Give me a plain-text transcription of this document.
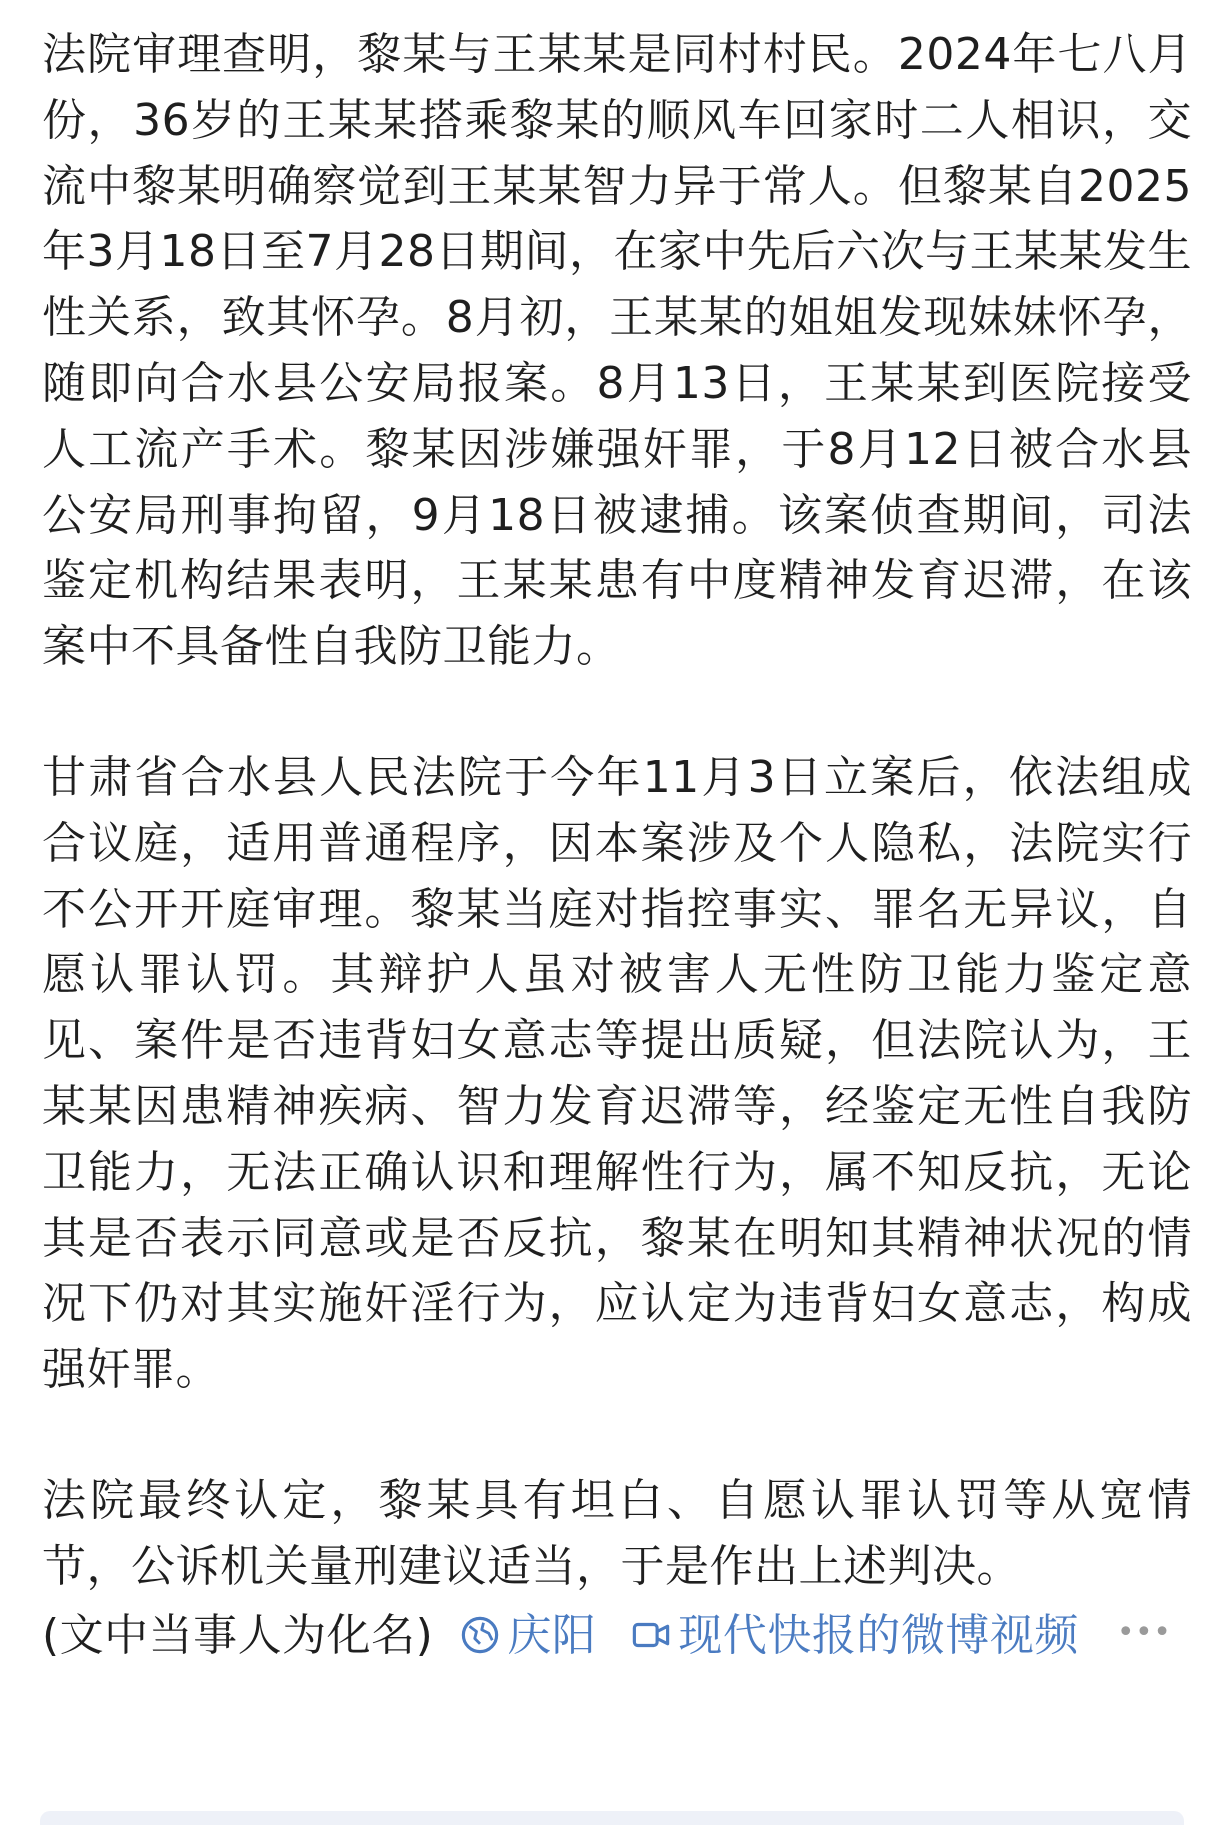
法院审理查明，黎某与王某某是同村村民。2024年七八月份，36岁的王某某搭乘黎某的顺风车回家时二人相识，交流中黎某明确察觉到王某某智力异于常人。但黎某自2025年3月18日至7月28日期间，在家中先后六次与王某某发生性关系，致其怀孕。8月初，王某某的姐姐发现妹妹怀孕，随即向合水县公安局报案。8月13日，王某某到医院接受人工流产手术。黎某因涉嫌强奸罪，于8月12日被合水县公安局刑事拘留，9月18日被逮捕。该案侦查期间，司法鉴定机构结果表明，王某某患有中度精神发育迟滞，在该案中不具备性自我防卫能力。

甘肃省合水县人民法院于今年11月3日立案后，依法组成合议庭，适用普通程序，因本案涉及个人隐私，法院实行不公开开庭审理。黎某当庭对指控事实、罪名无异议，自愿认罪认罚。其辩护人虽对被害人无性防卫能力鉴定意见、案件是否违背妇女意志等提出质疑，但法院认为，王某某因患精神疾病、智力发育迟滞等，经鉴定无性自我防卫能力，无法正确认识和理解性行为，属不知反抗，无论其是否表示同意或是否反抗，黎某在明知其精神状况的情况下仍对其实施奸淫行为，应认定为违背妇女意志，构成强奸罪。

法院最终认定，黎某具有坦白、自愿认罪认罚等从宽情节，公诉机关量刑建议适当，于是作出上述判决。
(文中当事人为化名) 庆阳 现代快报的微博视频 •••
